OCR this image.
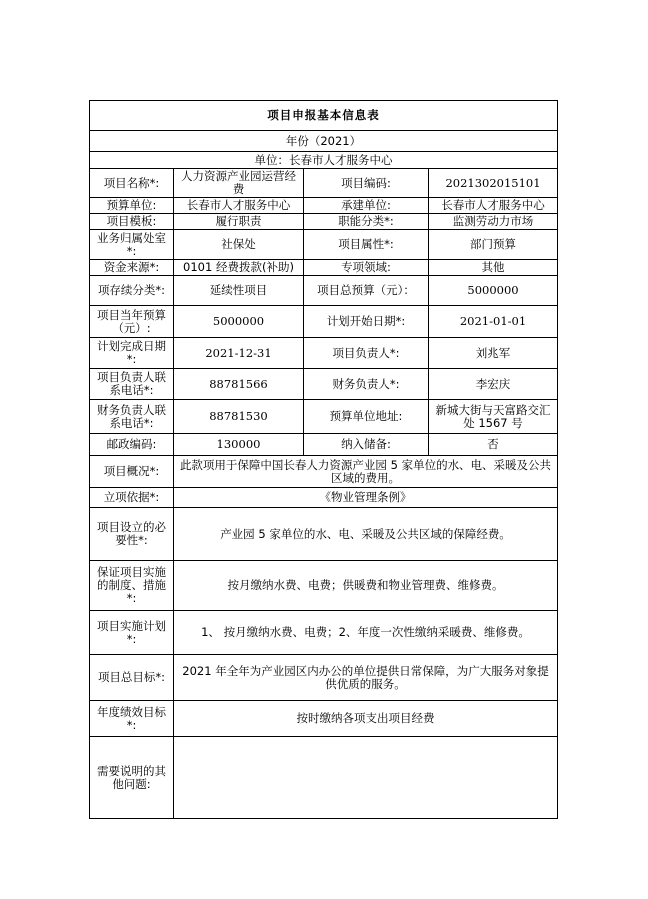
项目申报基本信息表			
年份（2021）			
单位：长春市人才服务中心			
项目名称*:	人力资源产业园运营经费	项目编码:	2021302015101
预算单位:	长春市人才服务中心	承建单位:	长春市人才服务中心
项目模板:	履行职责	职能分类*:	监测劳动力市场
业务归属处室*:	社保处	项目属性*:	部门预算
资金来源*:	0101 经费拨款(补助)	专项领域:	其他
项存续分类*:	延续性项目	项目总预算（元）：	5000000
项目当年预算（元）:	5000000	计划开始日期*:	2021-01-01
计划完成日期*:	2021-12-31	项目负责人*:	刘兆军
项目负责人联系电话*:	88781566	财务负责人*:	李宏庆
财务负责人联系电话*:	88781530	预算单位地址:	新城大街与天富路交汇处 1567 号
邮政编码:	130000	纳入储备:	否
项目概况*:	此款项用于保障中国长春人力资源产业园 5 家单位的水、电、采暖及公共区域的费用。		
立项依据*:	《物业管理条例》		
项目设立的必要性*:	产业园 5 家单位的水、电、采暖及公共区域的保障经费。		
保证项目实施的制度、措施*:	按月缴纳水费、电费；供暖费和物业管理费、维修费。		
项目实施计划*:	1、 按月缴纳水费、电费；2、年度一次性缴纳采暖费、维修费。		
项目总目标*:	2021 年全年为产业园区内办公的单位提供日常保障，为广大服务对象提供优质的服务。		
年度绩效目标*:	按时缴纳各项支出项目经费		
需要说明的其他问题:			
